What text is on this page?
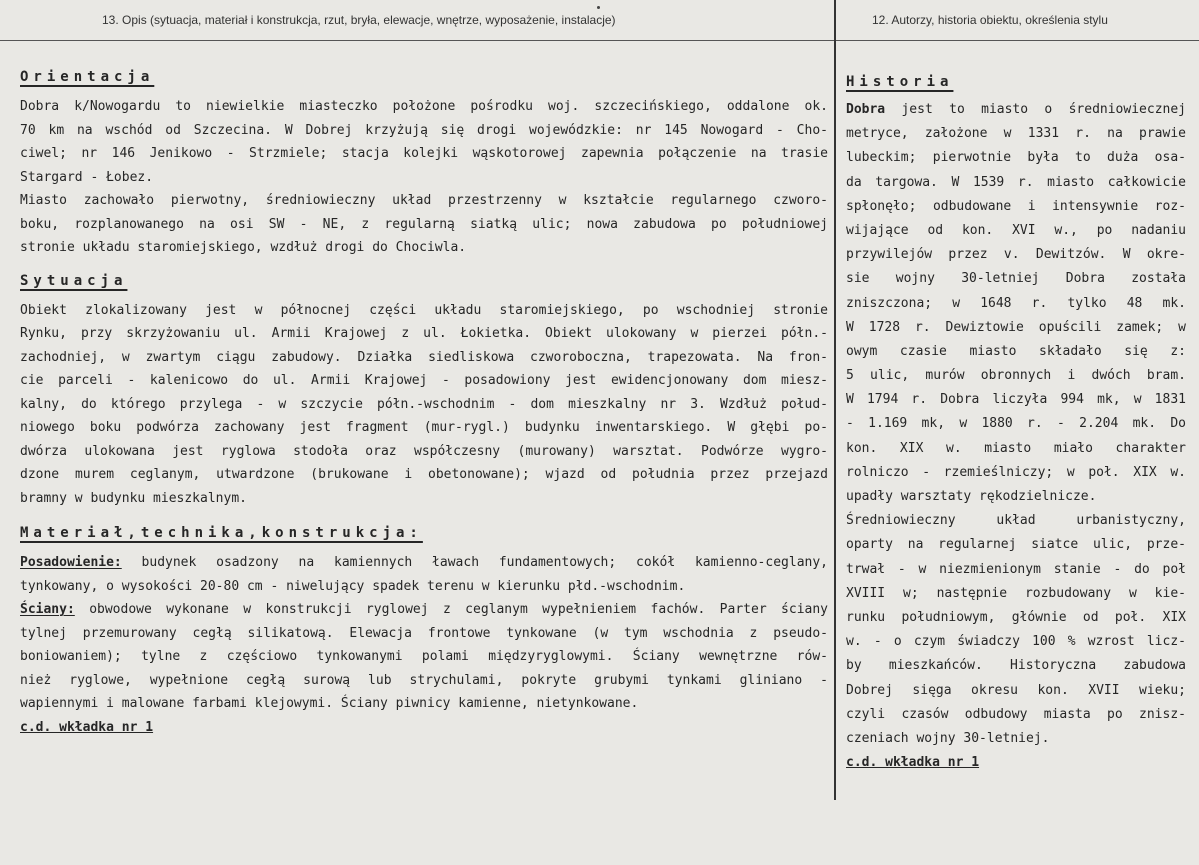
13. Opis (sytuacja, materiał i konstrukcja, rzut, bryła, elewacje, wnętrze, wyposażenie, instalacje)	12. Autorzy, historia obiektu, określenia stylu
Orientacja
Dobra k/Nowogardu to niewielkie miasteczko położone pośrodku woj. szczecińskiego, oddalone ok.
70 km na wschód od Szczecina. W Dobrej krzyżują się drogi wojewódzkie: nr 145 Nowogard - Cho-
ciwel; nr 146 Jenikowo - Strzmiele; stacja kolejki wąskotorowej zapewnia połączenie na trasie
Stargard - Łobez.
Miasto zachowało pierwotny, średniowieczny układ przestrzenny w kształcie regularnego czworo-
boku, rozplanowanego na osi SW - NE, z regularną siatką ulic; nowa zabudowa po południowej
stronie układu staromiejskiego, wzdłuż drogi do Chociwla.
Sytuacja
Obiekt zlokalizowany jest w północnej części układu staromiejskiego, po wschodniej stronie
Rynku, przy skrzyżowaniu ul. Armii Krajowej z ul. Łokietka. Obiekt ulokowany w pierzei półn.-
zachodniej, w zwartym ciągu zabudowy. Działka siedliskowa czworoboczna, trapezowata. Na fron-
cie parceli - kalenicowo do ul. Armii Krajowej - posadowiony jest ewidencjonowany dom miesz-
kalny, do którego przylega - w szczycie półn.-wschodnim - dom mieszkalny nr 3. Wzdłuż połud-
niowego boku podwórza zachowany jest fragment (mur-rygl.) budynku inwentarskiego. W głębi po-
dwórza ulokowana jest ryglowa stodoła oraz współczesny (murowany) warsztat. Podwórze wygro-
dzone murem ceglanym, utwardzone (brukowane i obetonowane); wjazd od południa przez przejazd
bramny w budynku mieszkalnym.
Materiał,technika,konstrukcja:
Posadowienie: budynek osadzony na kamiennych ławach fundamentowych; cokół kamienno-ceglany,
tynkowany, o wysokości 20-80 cm - niwelujący spadek terenu w kierunku płd.-wschodnim.
Ściany: obwodowe wykonane w konstrukcji ryglowej z ceglanym wypełnieniem fachów. Parter ściany
tylnej przemurowany cegłą silikatową. Elewacja frontowe tynkowane (w tym wschodnia z pseudo-
boniowaniem); tylne z częściowo tynkowanymi polami międzyryglowymi. Ściany wewnętrzne rów-
nież ryglowe, wypełnione cegłą surową lub strychulami, pokryte grubymi tynkami gliniano -
wapiennymi i malowane farbami klejowymi. Ściany piwnicy kamienne, nietynkowane.
c.d. wkładka nr 1
Historia
Dobra jest to miasto o średniowiecznej
metryce, założone w 1331 r. na prawie
lubeckim; pierwotnie była to duża osa-
da targowa. W 1539 r. miasto całkowicie
spłonęło; odbudowane i intensywnie roz-
wijające od kon. XVI w., po nadaniu
przywilejów przez v. Dewitzów. W okre-
sie wojny 30-letniej Dobra została
zniszczona; w 1648 r. tylko 48 mk.
W 1728 r. Dewiztowie opuścili zamek; w
owym czasie miasto składało się z:
5 ulic, murów obronnych i dwóch bram.
W 1794 r. Dobra liczyła 994 mk, w 1831
- 1.169 mk, w 1880 r. - 2.204 mk. Do
kon. XIX w. miasto miało charakter
rolniczo - rzemieślniczy; w poł. XIX w.
upadły warsztaty rękodzielnicze.
Średniowieczny układ urbanistyczny,
oparty na regularnej siatce ulic, prze-
trwał - w niezmienionym stanie - do poł
XVIII w; następnie rozbudowany w kie-
runku południowym, głównie od poł. XIX
w. - o czym świadczy 100 % wzrost licz-
by mieszkańców. Historyczna zabudowa
Dobrej sięga okresu kon. XVII wieku;
czyli czasów odbudowy miasta po znisz-
czeniach wojny 30-letniej.
c.d. wkładka nr 1
